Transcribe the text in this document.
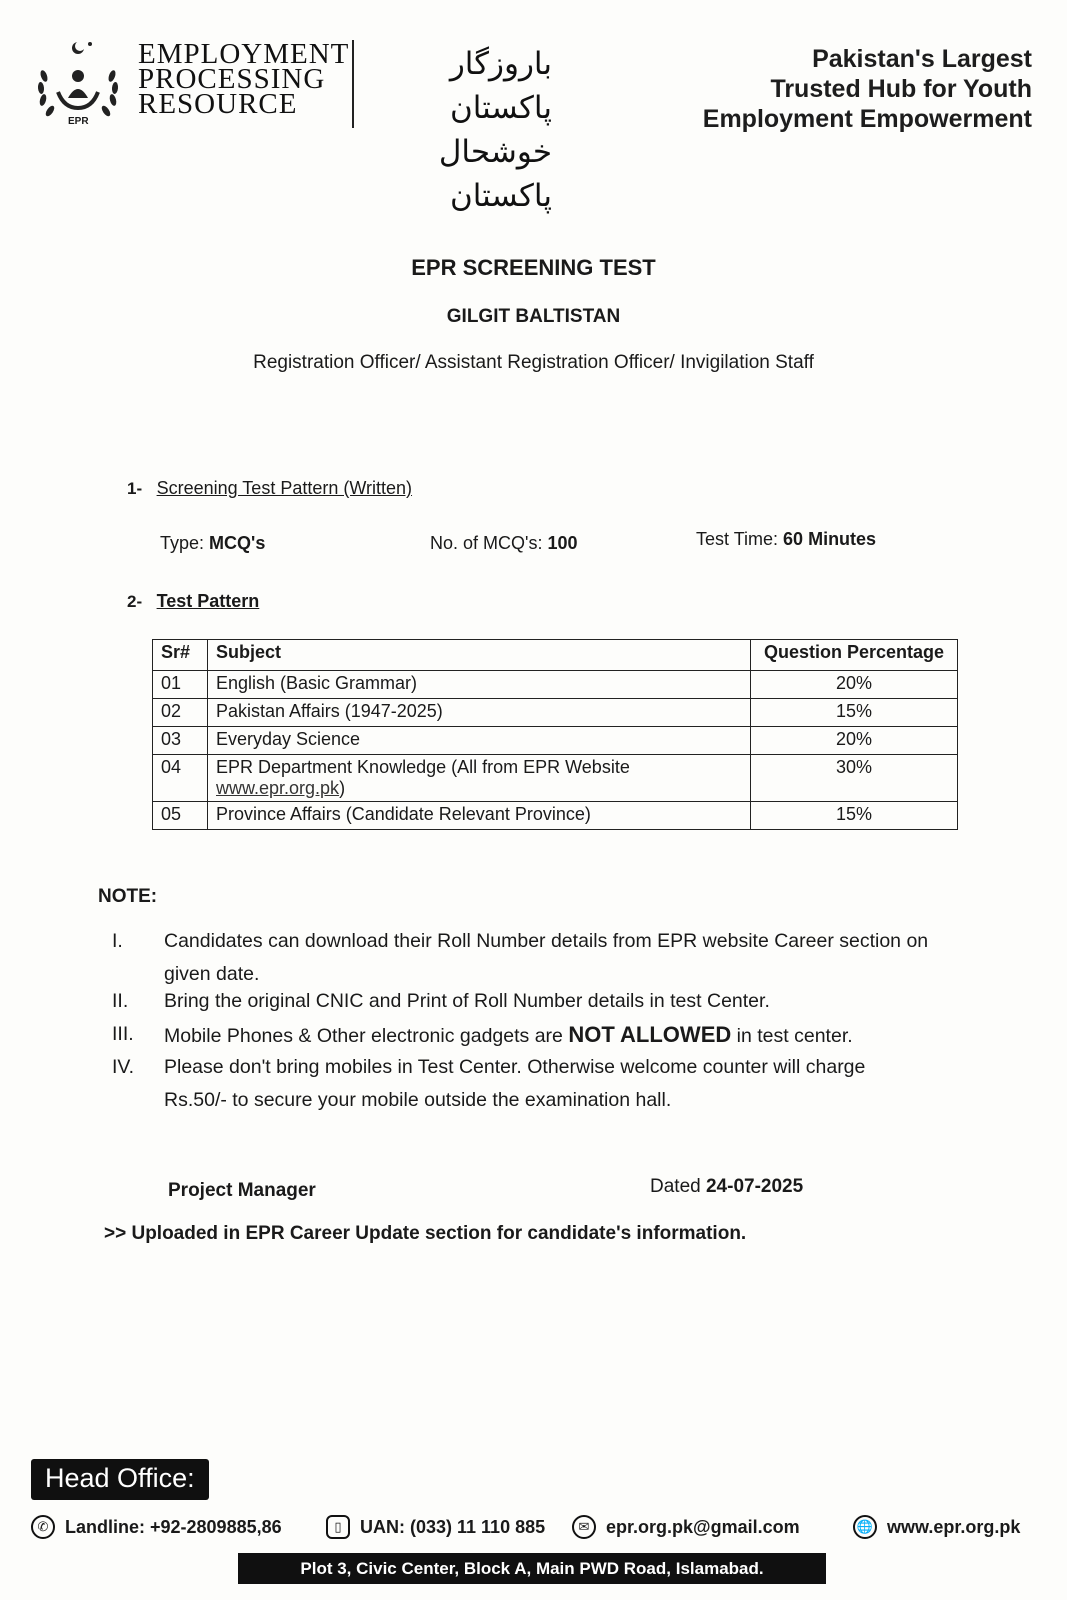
EPR
EMPLOYMENT
PROCESSING
RESOURCE
باروزگار پاکستان
خوشحال پاکستان
Pakistan's Largest
Trusted Hub for Youth
Employment Empowerment
EPR SCREENING TEST
GILGIT BALTISTAN
Registration Officer/ Assistant Registration Officer/ Invigilation Staff
1- Screening Test Pattern (Written)
Type: MCQ's	No. of MCQ's: 100	Test Time: 60 Minutes
2- Test Pattern
Sr#	Subject	Question Percentage
01	English (Basic Grammar)	20%
02	Pakistan Affairs (1947-2025)	15%
03	Everyday Science	20%
04	EPR Department Knowledge (All from EPR Website
www.epr.org.pk)	30%
05	Province Affairs (Candidate Relevant Province)	15%
NOTE:
I.	Candidates can download their Roll Number details from EPR website Career section on given date.
II.	Bring the original CNIC and Print of Roll Number details in test Center.
III.	Mobile Phones & Other electronic gadgets are NOT ALLOWED in test center.
IV.	Please don't bring mobiles in Test Center. Otherwise welcome counter will charge Rs.50/- to secure your mobile outside the examination hall.
Project Manager	Dated 24-07-2025
>> Uploaded in EPR Career Update section for candidate's information.
Head Office:
✆ Landline: +92-2809885,86	▯	UAN: (033) 11 110 885	✉ epr.org.pk@gmail.com	🌐 www.epr.org.pk
Plot 3, Civic Center, Block A, Main PWD Road, Islamabad.
